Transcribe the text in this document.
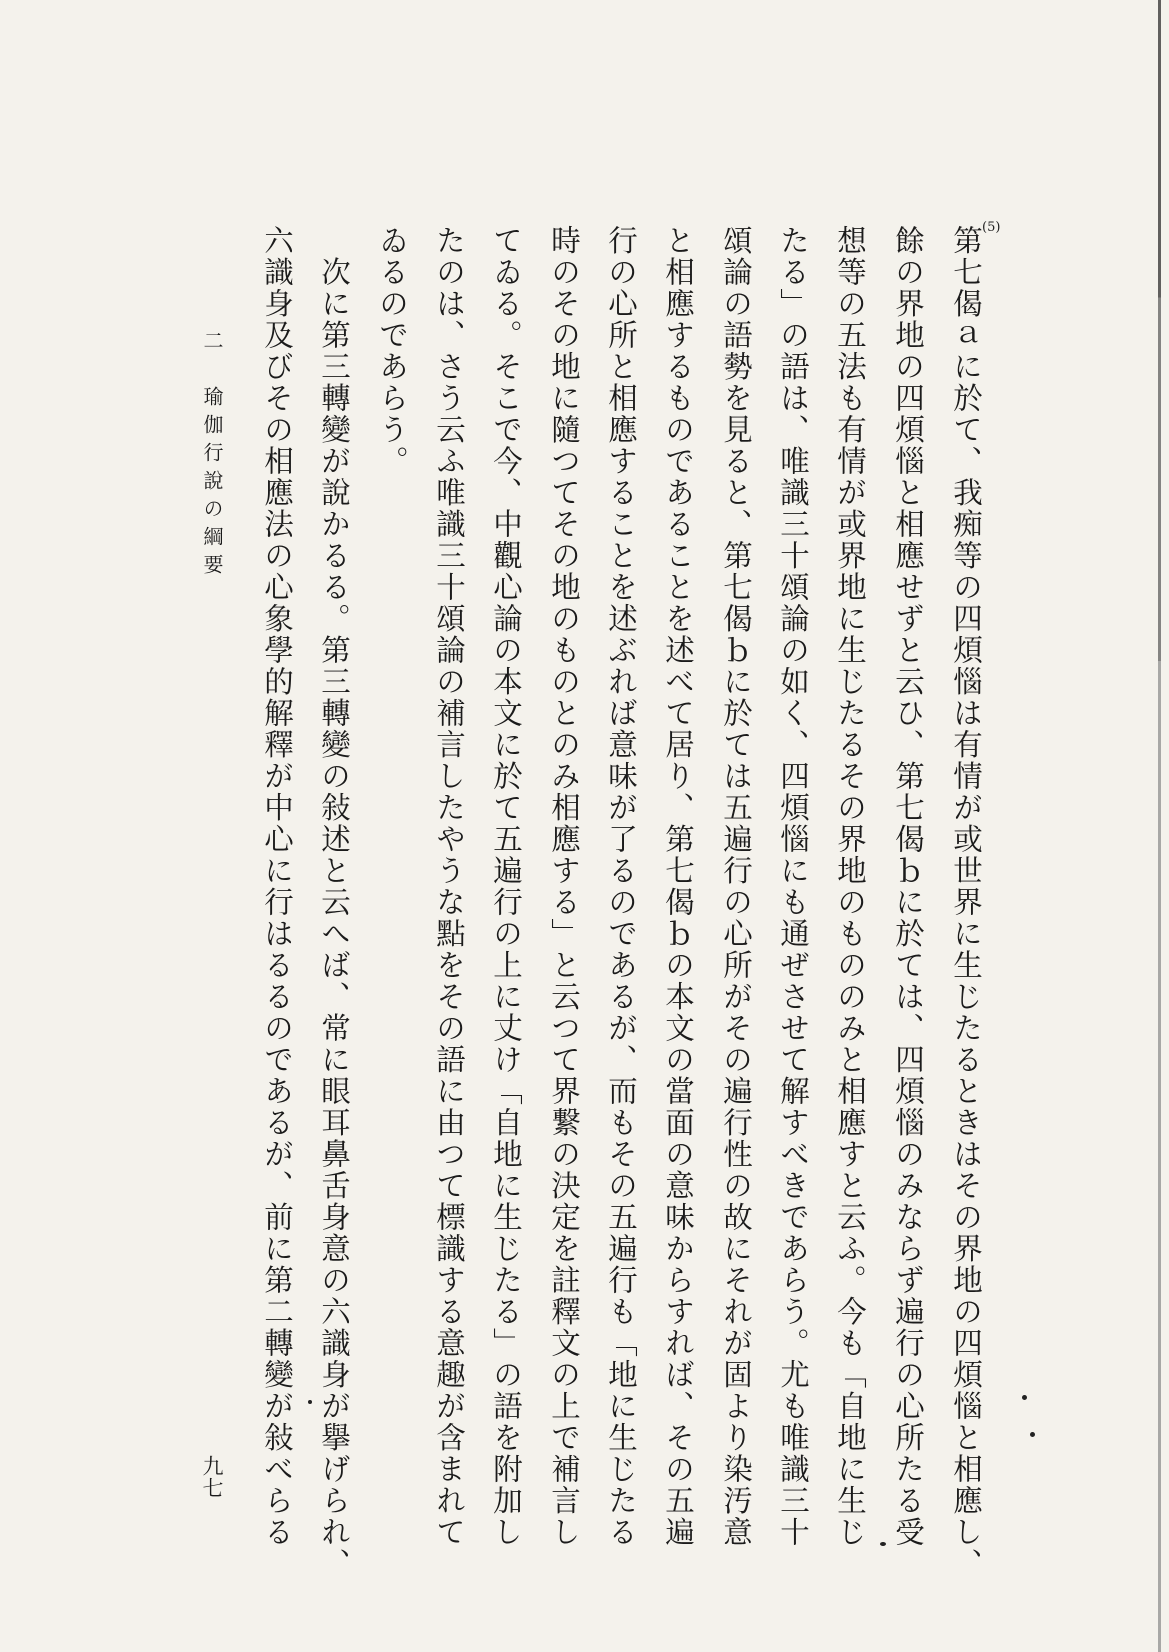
(5)
第七偈ａに於て、我痴等の四煩惱は有情が或世界に生じたるときはその界地の四煩惱と相應し、
餘の界地の四煩惱と相應せずと云ひ、第七偈ｂに於ては、四煩惱のみならず遍行の心所たる受
想等の五法も有情が或界地に生じたるその界地のもののみと相應すと云ふ。今も「自地に生じ
たる」の語は、唯識三十頌論の如く、四煩惱にも通ぜさせて解すべきであらう。尤も唯識三十
頌論の語勢を見ると、第七偈ｂに於ては五遍行の心所がその遍行性の故にそれが固より染汚意
と相應するものであることを述べて居り、第七偈ｂの本文の當面の意味からすれば、その五遍
行の心所と相應することを述ぶれば意味が了るのであるが、而もその五遍行も「地に生じたる
時のその地に隨つてその地のものとのみ相應する」と云つて界繋の決定を註釋文の上で補言し
てゐる。そこで今、中觀心論の本文に於て五遍行の上に丈け「自地に生じたる」の語を附加し
たのは、さう云ふ唯識三十頌論の補言したやうな點をその語に由つて標識する意趣が含まれて
ゐるのであらう。
　次に第三轉變が說かるる。第三轉變の敍述と云へば、常に眼耳鼻舌身意の六識身が擧げられ、
六識身及びその相應法の心象學的解釋が中心に行はるるのであるが、前に第二轉變が敍べらる
二　瑜伽行說の綱要
九七
